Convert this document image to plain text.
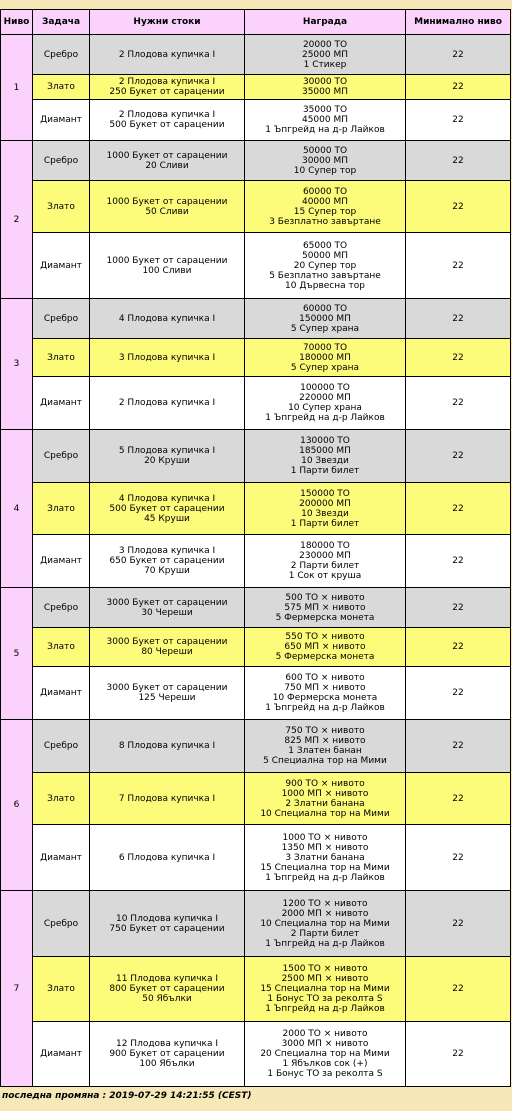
Ниво	Задача	Нужни стоки	Награда	Минимално ниво
1	Сребро	2 Плодова купичка I	20000 ТО
25000 МП
1 Стикер	22
	Злато	2 Плодова купичка I
250 Букет от сарацении	30000 ТО
35000 МП	22
	Диамант	2 Плодова купичка I
500 Букет от сарацении	35000 ТО
45000 МП
1 Ъпгрейд на д-р Лайков	22
2	Сребро	1000 Букет от сарацении
20 Сливи	50000 ТО
30000 МП
10 Супер тор	22
	Злато	1000 Букет от сарацении
50 Сливи	60000 ТО
40000 МП
15 Супер тор
3 Безплатно завъртане	22
	Диамант	1000 Букет от сарацении
100 Сливи	65000 ТО
50000 МП
20 Супер тор
5 Безплатно завъртане
10 Дървесна тор	22
3	Сребро	4 Плодова купичка I	60000 ТО
150000 МП
5 Супер храна	22
	Злато	3 Плодова купичка I	70000 ТО
180000 МП
5 Супер храна	22
	Диамант	2 Плодова купичка I	100000 ТО
220000 МП
10 Супер храна
1 Ъпгрейд на д-р Лайков	22
4	Сребро	5 Плодова купичка I
20 Круши	130000 ТО
185000 МП
10 Звезди
1 Парти билет	22
	Злато	4 Плодова купичка I
500 Букет от сарацении
45 Круши	150000 ТО
200000 МП
10 Звезди
1 Парти билет	22
	Диамант	3 Плодова купичка I
650 Букет от сарацении
70 Круши	180000 ТО
230000 МП
2 Парти билет
1 Сок от круша	22
5	Сребро	3000 Букет от сарацении
30 Череши	500 ТО × нивото
575 МП × нивото
5 Фермерска монета	22
	Злато	3000 Букет от сарацении
80 Череши	550 ТО × нивото
650 МП × нивото
5 Фермерска монета	22
	Диамант	3000 Букет от сарацении
125 Череши	600 ТО × нивото
750 МП × нивото
10 Фермерска монета
1 Ъпгрейд на д-р Лайков	22
6	Сребро	8 Плодова купичка I	750 ТО × нивото
825 МП × нивото
1 Златен банан
5 Специална тор на Мими	22
	Злато	7 Плодова купичка I	900 ТО × нивото
1000 МП × нивото
2 Златни банана
10 Специална тор на Мими	22
	Диамант	6 Плодова купичка I	1000 ТО × нивото
1350 МП × нивото
3 Златни банана
15 Специална тор на Мими
1 Ъпгрейд на д-р Лайков	22
7	Сребро	10 Плодова купичка I
750 Букет от сарацении	1200 ТО × нивото
2000 МП × нивото
10 Специална тор на Мими
2 Парти билет
1 Ъпгрейд на д-р Лайков	22
	Злато	11 Плодова купичка I
800 Букет от сарацении
50 Ябълки	1500 ТО × нивото
2500 МП × нивото
15 Специална тор на Мими
1 Бонус ТО за реколта S
1 Ъпгрейд на д-р Лайков	22
	Диамант	12 Плодова купичка I
900 Букет от сарацении
100 Ябълки	2000 ТО × нивото
3000 МП × нивото
20 Специална тор на Мими
1 Ябълков сок (+)
1 Бонус ТО за реколта S	22
последна промяна : 2019-07-29 14:21:55 (CEST)
